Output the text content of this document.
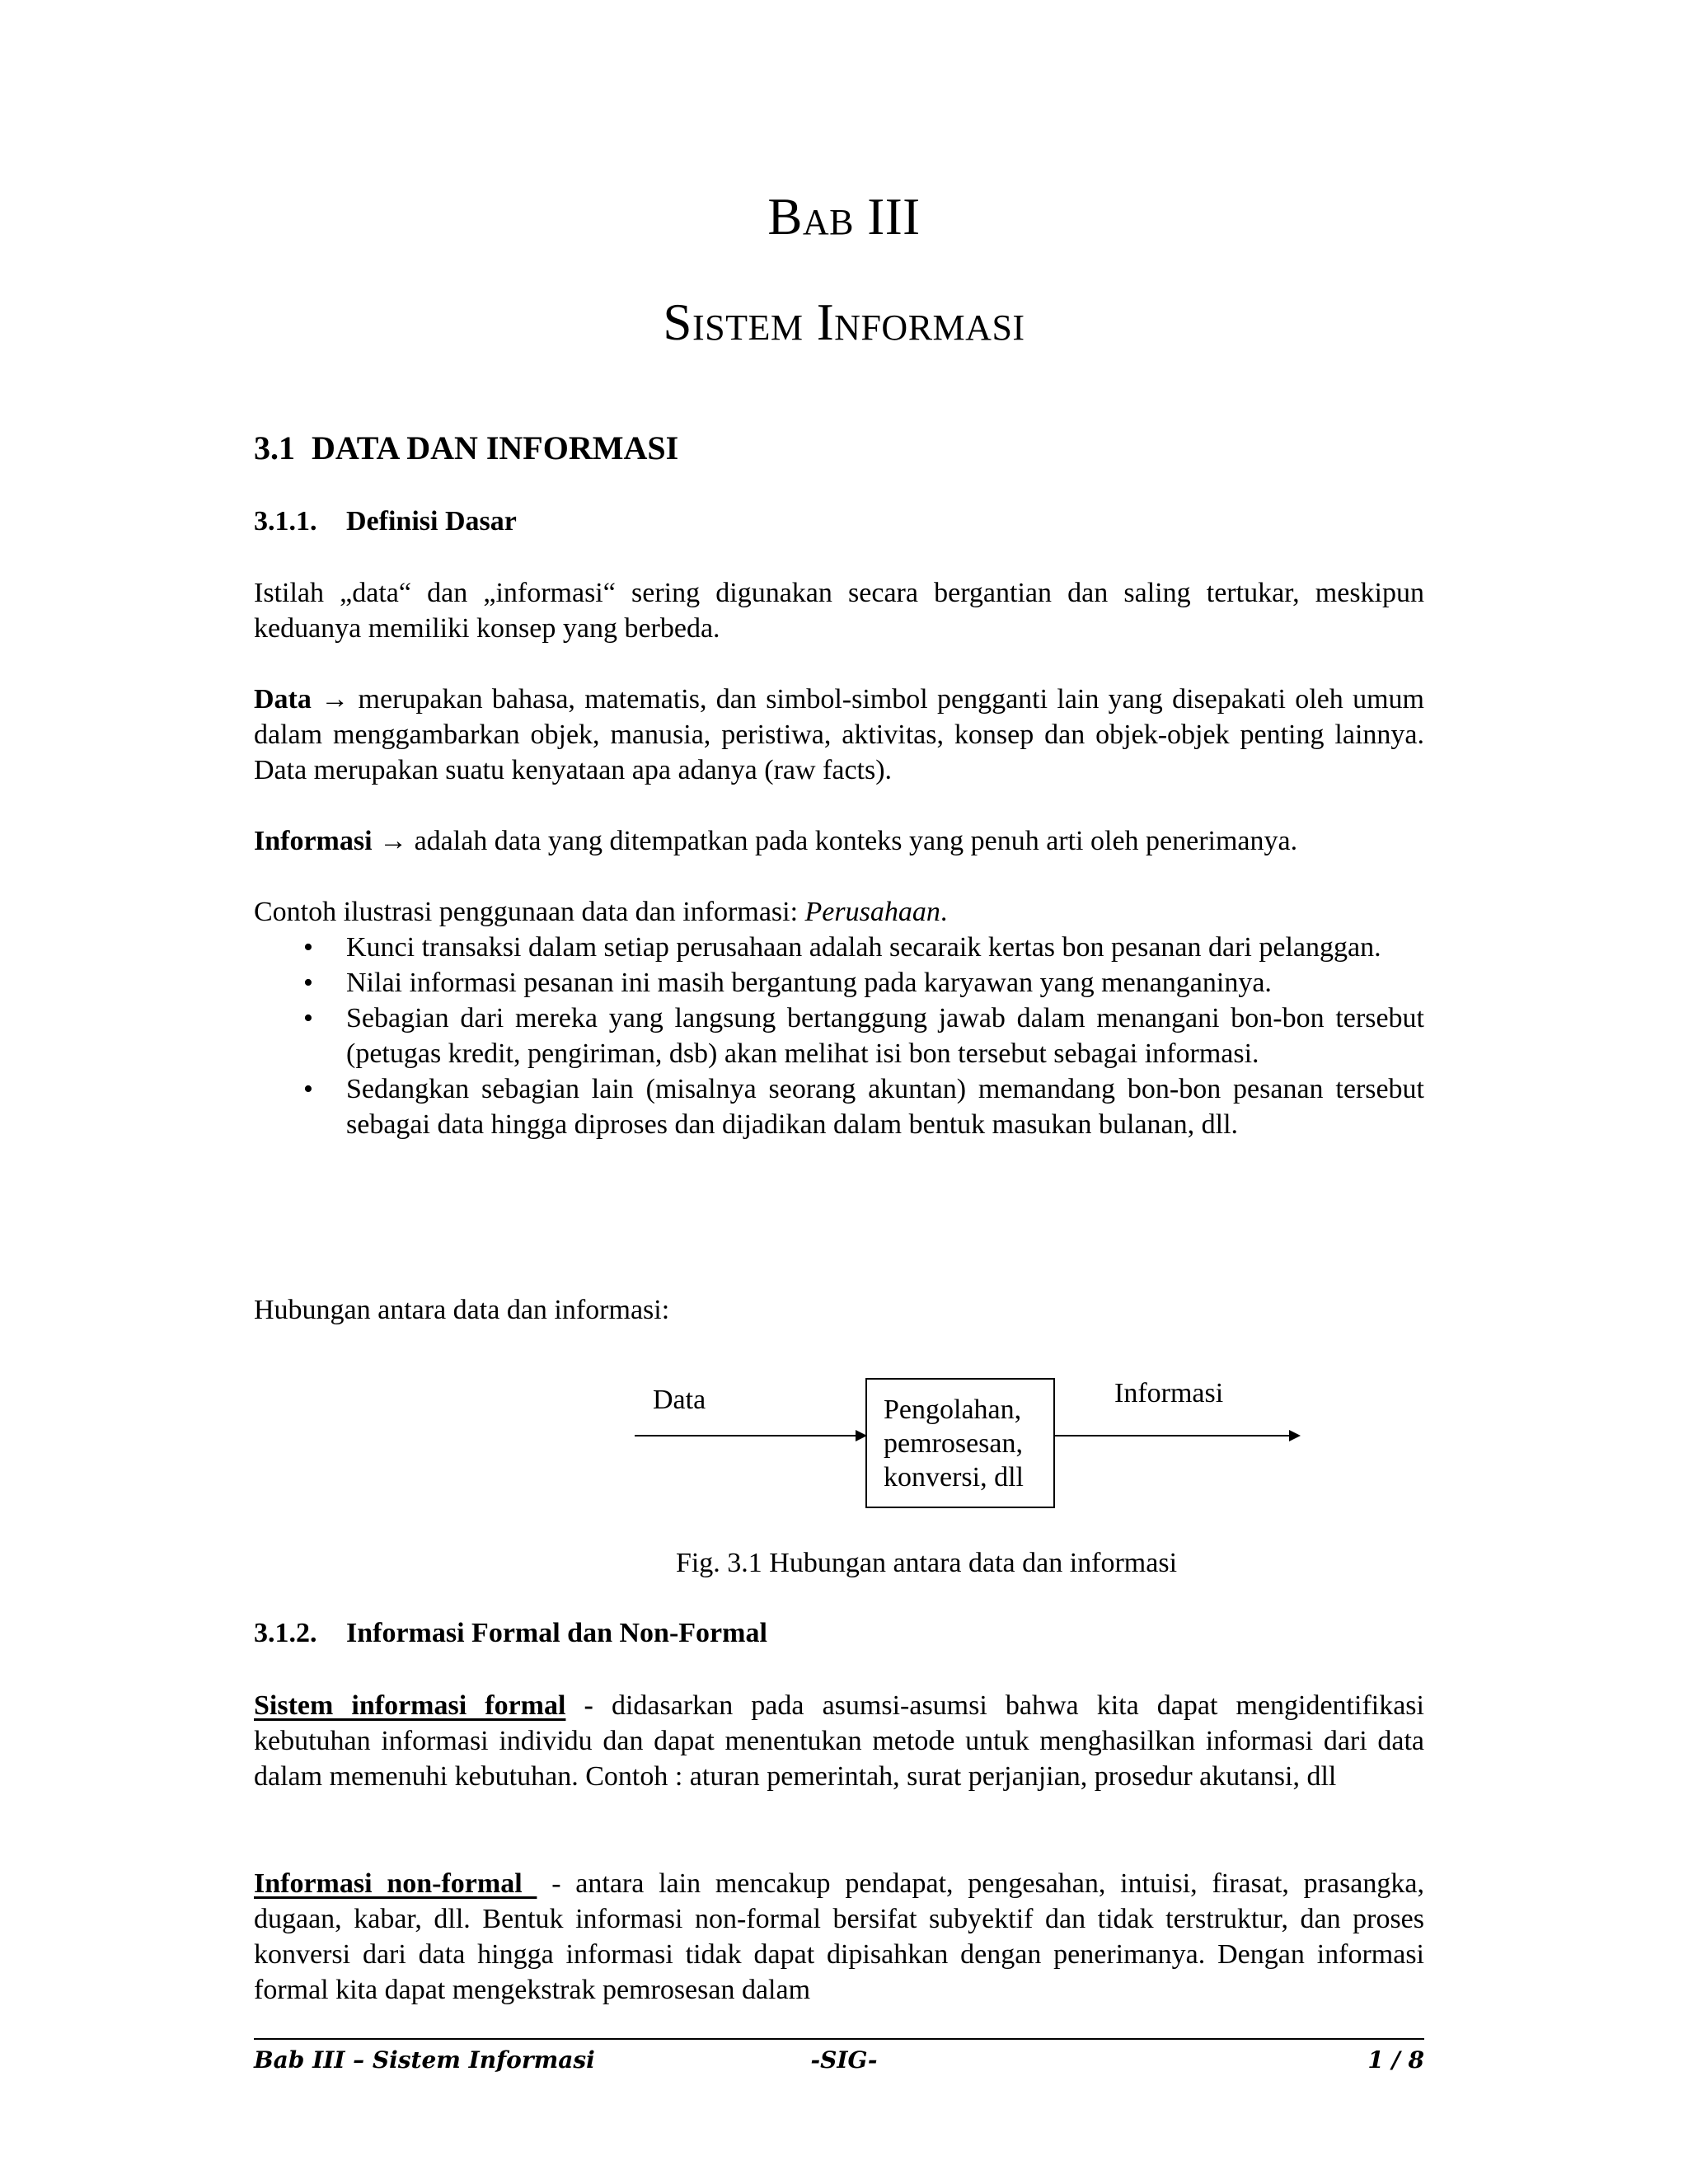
Bab III
Sistem Informasi
3.1 DATA DAN INFORMASI
3.1.1. Definisi Dasar

Istilah „data“ dan „informasi“ sering digunakan secara bergantian dan saling tertukar, meskipun keduanya memiliki konsep yang berbeda.

Data → merupakan bahasa, matematis, dan simbol-simbol pengganti lain yang disepakati oleh umum dalam menggambarkan objek, manusia, peristiwa, aktivitas, konsep dan objek-objek penting lainnya. Data merupakan suatu kenyataan apa adanya (raw facts).

Informasi → adalah data yang ditempatkan pada konteks yang penuh arti oleh penerimanya.

Contoh ilustrasi penggunaan data dan informasi: Perusahaan.

• Kunci transaksi dalam setiap perusahaan adalah secaraik kertas bon pesanan dari pelanggan.
• Nilai informasi pesanan ini masih bergantung pada karyawan yang menanganinya.
• Sebagian dari mereka yang langsung bertanggung jawab dalam menangani bon-bon tersebut (petugas kredit, pengiriman, dsb) akan melihat isi bon tersebut sebagai informasi.
• Sedangkan sebagian lain (misalnya seorang akuntan) memandang bon-bon pesanan tersebut sebagai data hingga diproses dan dijadikan dalam bentuk masukan bulanan, dll.

Hubungan antara data dan informasi:

Data	Pengolahan,
pemrosesan,
konversi, dll
Informasi
Fig. 3.1 Hubungan antara data dan informasi
3.1.2. Informasi Formal dan Non-Formal

Sistem informasi formal - didasarkan pada asumsi-asumsi bahwa kita dapat mengidentifikasi kebutuhan informasi individu dan dapat menentukan metode untuk menghasilkan informasi dari data dalam memenuhi kebutuhan. Contoh : aturan pemerintah, surat perjanjian, prosedur akutansi, dll

Informasi non-formal  - antara lain mencakup pendapat, pengesahan, intuisi, firasat, prasangka, dugaan, kabar, dll. Bentuk informasi non-formal bersifat subyektif dan tidak terstruktur, dan proses konversi dari data hingga informasi tidak dapat dipisahkan dengan penerimanya. Dengan informasi formal kita dapat mengekstrak pemrosesan dalam

Bab III – Sistem Informasi	-SIG-	1 / 8
